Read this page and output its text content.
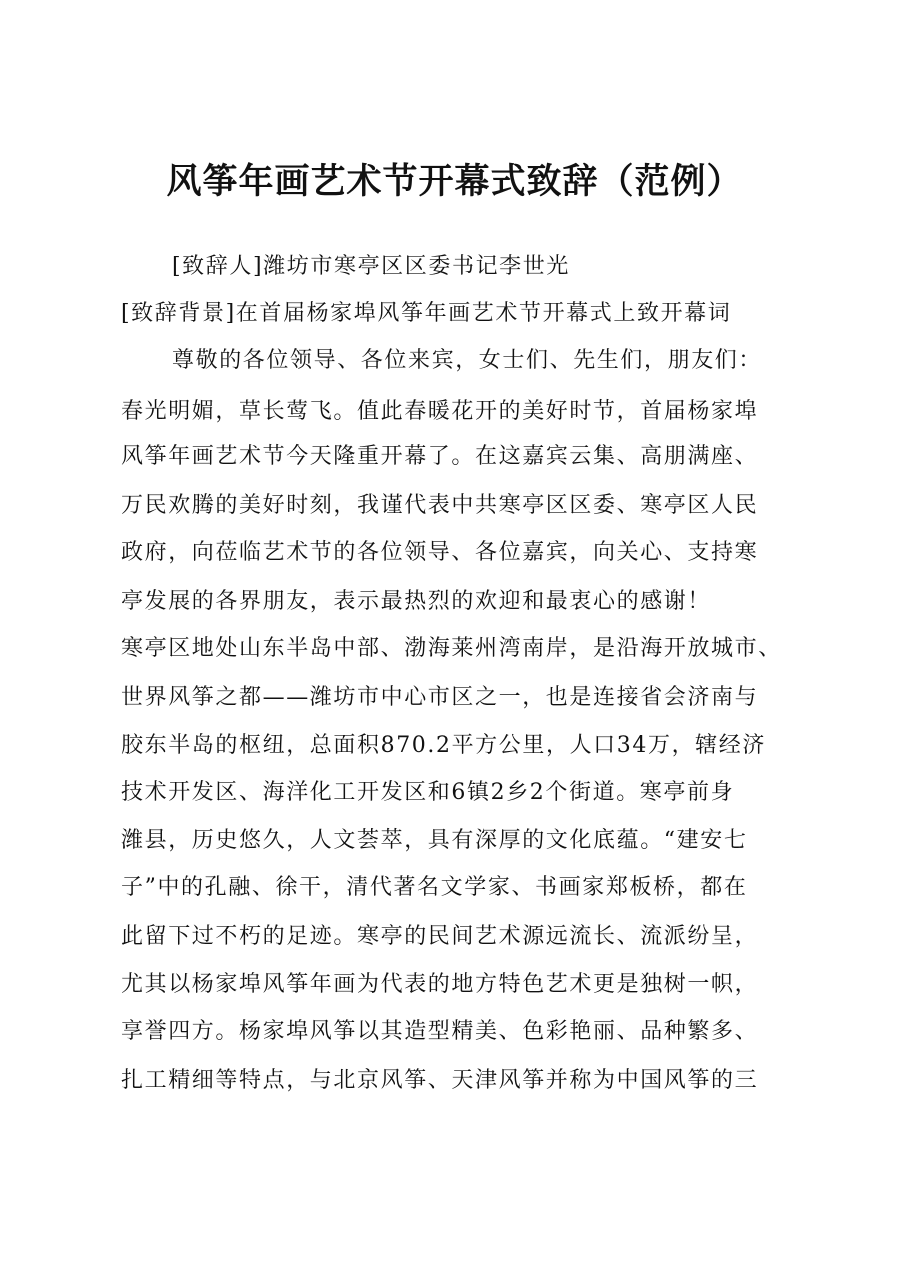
风筝年画艺术节开幕式致辞（范例）
[致辞人]潍坊市寒亭区区委书记李世光
[致辞背景]在首届杨家埠风筝年画艺术节开幕式上致开幕词
尊敬的各位领导、各位来宾，女士们、先生们，朋友们：
春光明媚，草长莺飞。值此春暖花开的美好时节，首届杨家埠
风筝年画艺术节今天隆重开幕了。在这嘉宾云集、高朋满座、
万民欢腾的美好时刻，我谨代表中共寒亭区区委、寒亭区人民
政府，向莅临艺术节的各位领导、各位嘉宾，向关心、支持寒
亭发展的各界朋友，表示最热烈的欢迎和最衷心的感谢！
寒亭区地处山东半岛中部、渤海莱州湾南岸，是沿海开放城市、
世界风筝之都——潍坊市中心市区之一，也是连接省会济南与
胶东半岛的枢纽，总面积870.2平方公里，人口34万，辖经济
技术开发区、海洋化工开发区和6镇2乡2个街道。寒亭前身
潍县，历史悠久，人文荟萃，具有深厚的文化底蕴。“建安七
子”中的孔融、徐干，清代著名文学家、书画家郑板桥，都在
此留下过不朽的足迹。寒亭的民间艺术源远流长、流派纷呈，
尤其以杨家埠风筝年画为代表的地方特色艺术更是独树一帜，
享誉四方。杨家埠风筝以其造型精美、色彩艳丽、品种繁多、
扎工精细等特点，与北京风筝、天津风筝并称为中国风筝的三
